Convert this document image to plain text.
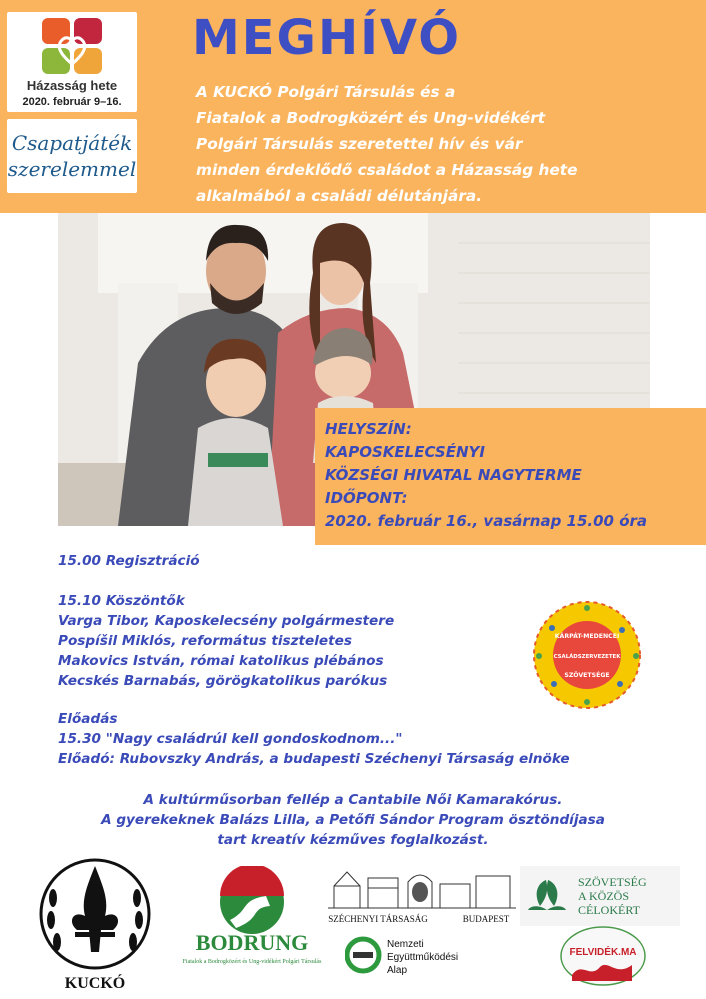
Házasság hete
2020. február 9–16.
Csapatjáték
szerelemmel
MEGHÍVÓ
A KUCKÓ Polgári Társulás és a
Fiatalok a Bodrogközért és Ung-vidékért
Polgári Társulás szeretettel hív és vár
minden érdeklődő családot a Házasság hete
alkalmából a családi délutánjára.
HELYSZÍN:
KAPOSKELECSÉNYI
KÖZSÉGI HIVATAL NAGYTERME
IDŐPONT:
2020. február 16., vasárnap 15.00 óra
15.00 Regisztráció
15.10 Köszöntők
Varga Tibor, Kaposkelecsény polgármestere
Pospíšil Miklós, református tiszteletes
Makovics István, római katolikus plébános
Kecskés Barnabás, görögkatolikus parókus
Előadás
15.30 "Nagy családrúl kell gondoskodnom..."
Előadó: Rubovszky András, a budapesti Széchenyi Társaság elnöke
KÁRPÁT-MEDENCEI
CSALÁDSZERVEZETEK
SZÖVETSÉGE
A kultúrműsorban fellép a Cantabile Női Kamarakórus.
A gyerekeknek Balázs Lilla, a Petőfi Sándor Program ösztöndíjasa
tart kreatív kézműves foglalkozást.
KUCKÓ
BODRUNG
Fiatalok a Bodrogközért és Ung-vidékért Polgári Társulás
SZÉCHENYI TÁRSASÁG	BUDAPEST
Nemzeti
Együttműködési
Alap
SZÖVETSÉG
A KÖZÖS
CÉLOKÉRT
FELVIDÉK.MA
